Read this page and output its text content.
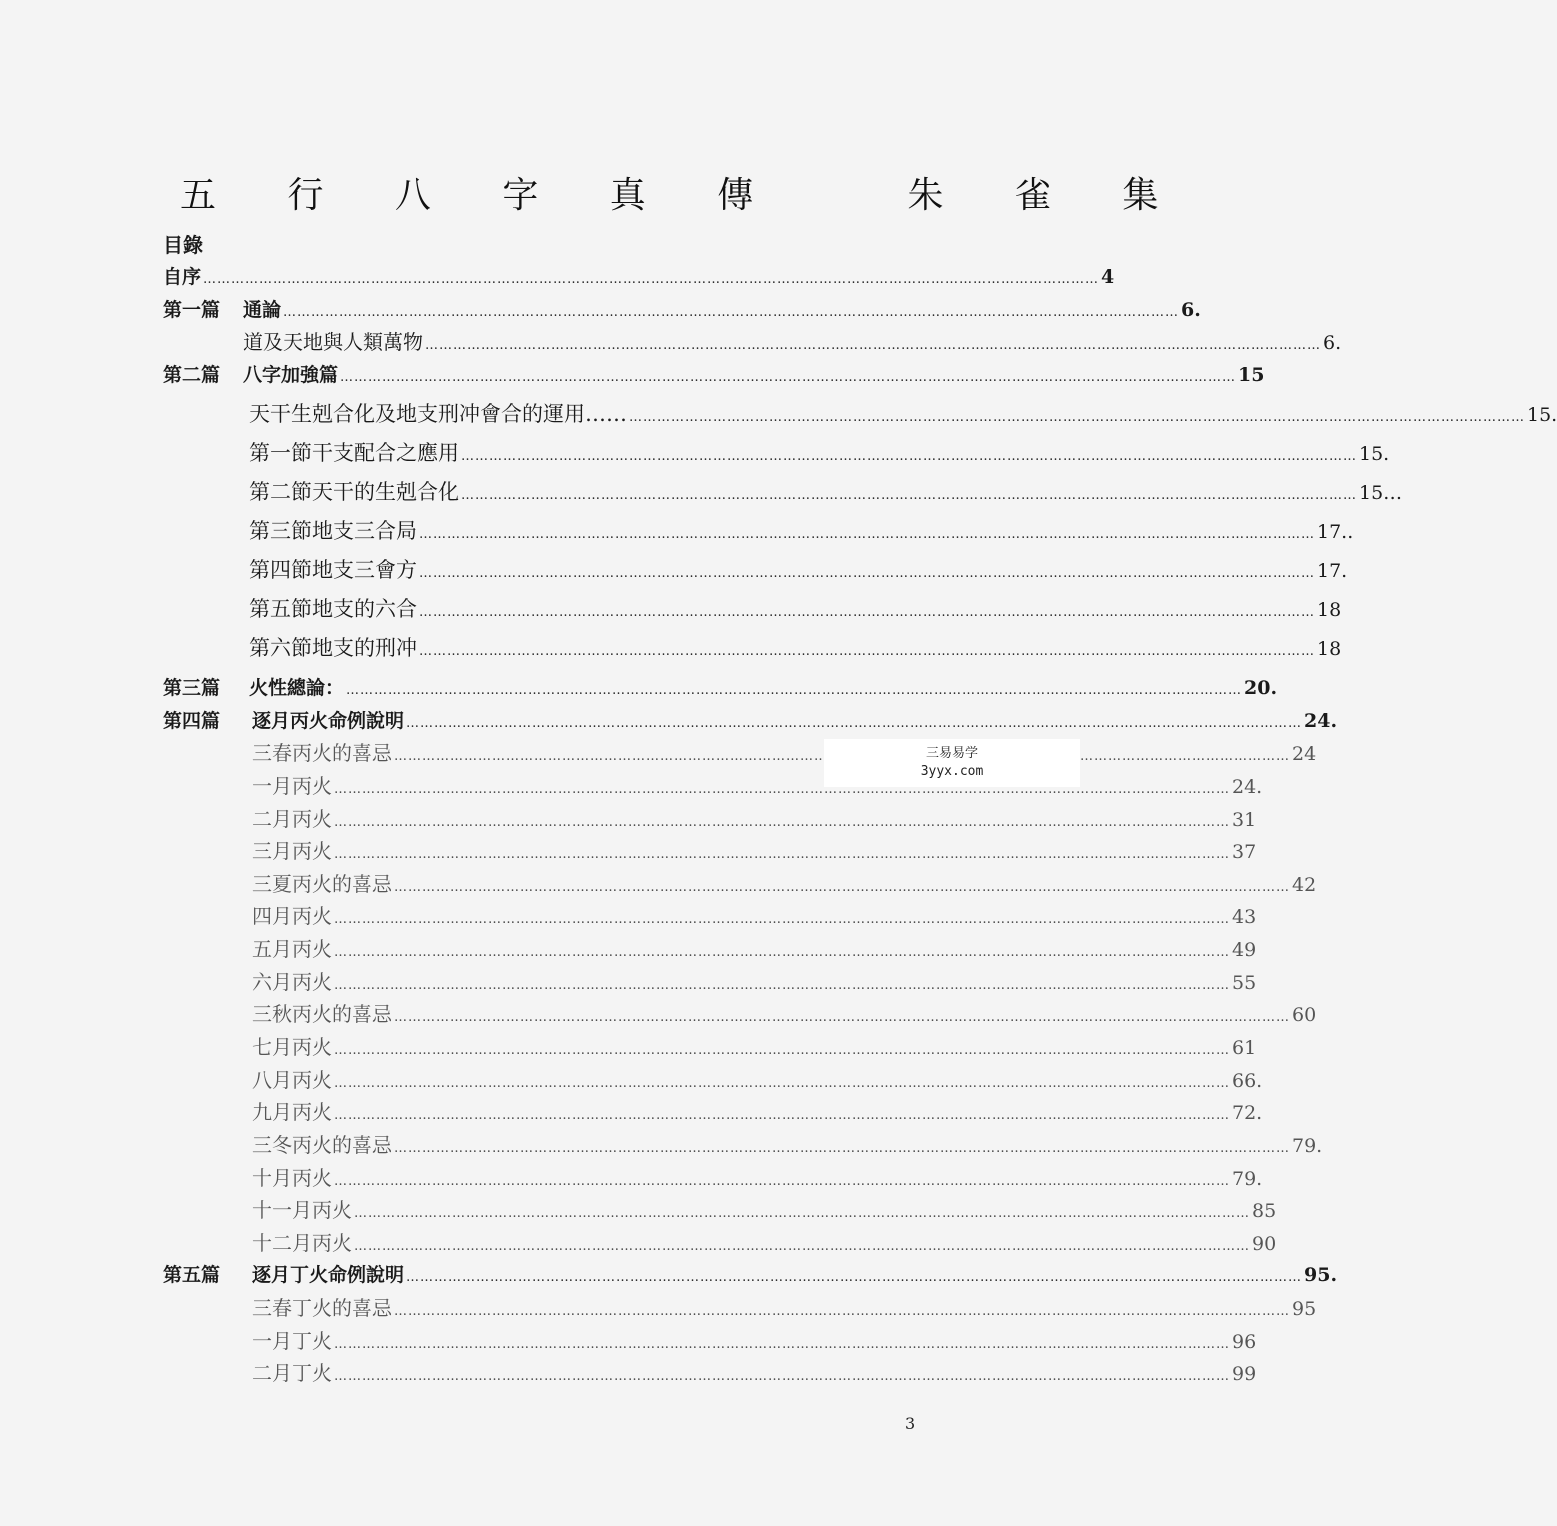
五 行 八 字 真 傳   朱 雀 集
目錄
自序 …………………………………………………………………………………………………………………………………………………………………………	4
第一篇	通論 …………………………………………………………………………………………………………………………………………………………………………	6.
道及天地與人類萬物 …………………………………………………………………………………………………………………………………………………………………………	6.
第二篇	八字加強篇 …………………………………………………………………………………………………………………………………………………………………………	15
天干生剋合化及地支刑冲會合的運用…… …………………………………………………………………………………………………………………………………………………………………………	15.
第一節干支配合之應用 …………………………………………………………………………………………………………………………………………………………………………	15.
第二節天干的生剋合化 …………………………………………………………………………………………………………………………………………………………………………	15…
第三節地支三合局 …………………………………………………………………………………………………………………………………………………………………………	17..
第四節地支三會方 …………………………………………………………………………………………………………………………………………………………………………	17.
第五節地支的六合 …………………………………………………………………………………………………………………………………………………………………………	18
第六節地支的刑冲 …………………………………………………………………………………………………………………………………………………………………………	18
第三篇	火性總論： …………………………………………………………………………………………………………………………………………………………………………	20.
第四篇	逐月丙火命例說明 …………………………………………………………………………………………………………………………………………………………………………	24.
三春丙火的喜忌 …………………………………………………………………………………………………………………………………………………………………………	24
一月丙火 …………………………………………………………………………………………………………………………………………………………………………	24.
二月丙火 …………………………………………………………………………………………………………………………………………………………………………	31
三月丙火 …………………………………………………………………………………………………………………………………………………………………………	37
三夏丙火的喜忌 …………………………………………………………………………………………………………………………………………………………………………	42
四月丙火 …………………………………………………………………………………………………………………………………………………………………………	43
五月丙火 …………………………………………………………………………………………………………………………………………………………………………	49
六月丙火 …………………………………………………………………………………………………………………………………………………………………………	55
三秋丙火的喜忌 …………………………………………………………………………………………………………………………………………………………………………	60
七月丙火 …………………………………………………………………………………………………………………………………………………………………………	61
八月丙火 …………………………………………………………………………………………………………………………………………………………………………	66.
九月丙火 …………………………………………………………………………………………………………………………………………………………………………	72.
三冬丙火的喜忌 …………………………………………………………………………………………………………………………………………………………………………	79.
十月丙火 …………………………………………………………………………………………………………………………………………………………………………	79.
十一月丙火 …………………………………………………………………………………………………………………………………………………………………………	85
十二月丙火 …………………………………………………………………………………………………………………………………………………………………………	90
第五篇	逐月丁火命例說明 …………………………………………………………………………………………………………………………………………………………………………	95.
三春丁火的喜忌 …………………………………………………………………………………………………………………………………………………………………………	95
一月丁火 …………………………………………………………………………………………………………………………………………………………………………	96
二月丁火 …………………………………………………………………………………………………………………………………………………………………………	99
三易易学
3yyx.com
3
